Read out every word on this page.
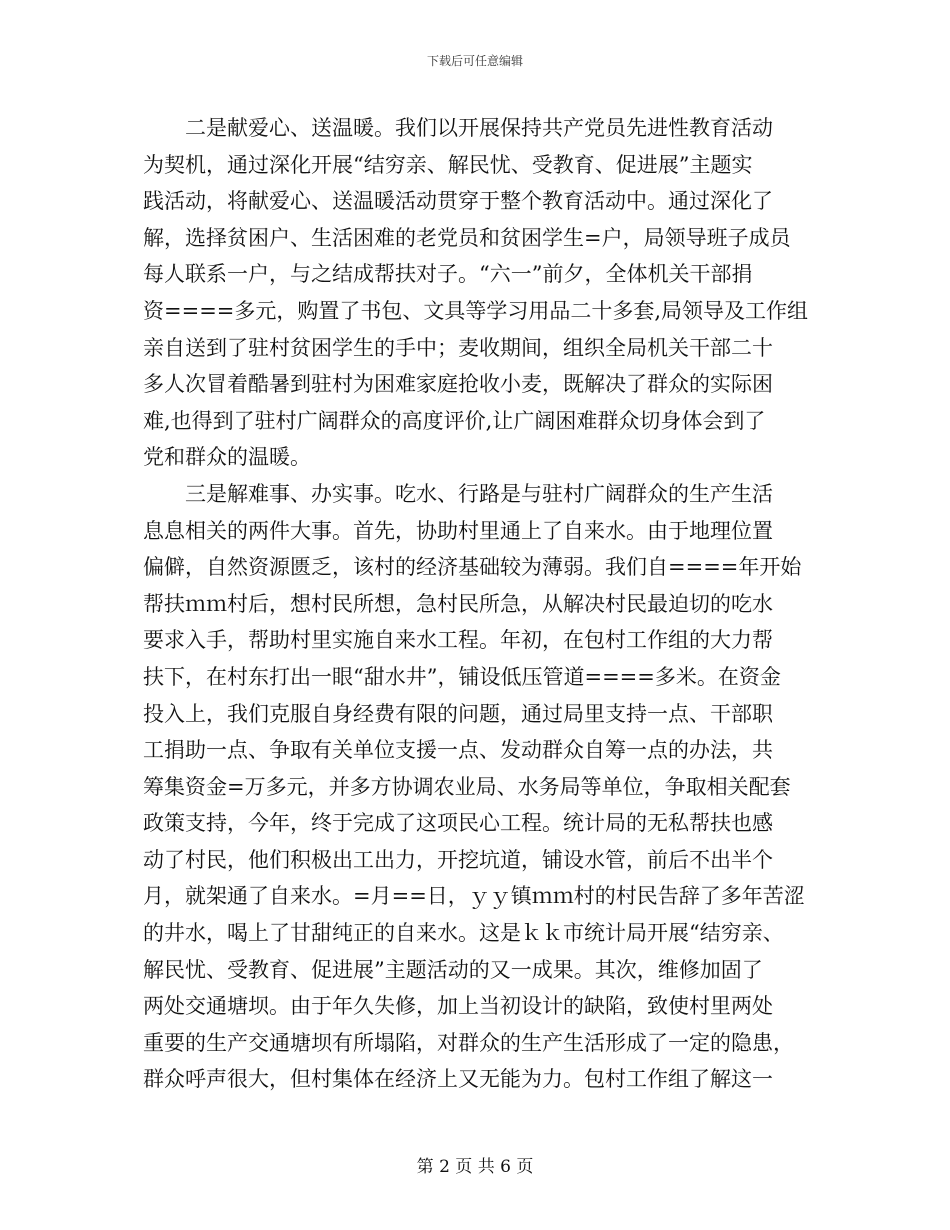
下载后可任意编辑
二是献爱心、送温暖。我们以开展保持共产党员先进性教育活动
为契机，通过深化开展“结穷亲、解民忧、受教育、促进展”主题实
践活动，将献爱心、送温暖活动贯穿于整个教育活动中。通过深化了
解，选择贫困户、生活困难的老党员和贫困学生=户，局领导班子成员
每人联系一户，与之结成帮扶对子。“六一”前夕，全体机关干部捐
资====多元，购置了书包、文具等学习用品二十多套,局领导及工作组
亲自送到了驻村贫困学生的手中；麦收期间，组织全局机关干部二十
多人次冒着酷暑到驻村为困难家庭抢收小麦，既解决了群众的实际困
难,也得到了驻村广阔群众的高度评价,让广阔困难群众切身体会到了
党和群众的温暖。
三是解难事、办实事。吃水、行路是与驻村广阔群众的生产生活
息息相关的两件大事。首先，协助村里通上了自来水。由于地理位置
偏僻，自然资源匮乏，该村的经济基础较为薄弱。我们自====年开始
帮扶ｍｍ村后，想村民所想，急村民所急，从解决村民最迫切的吃水
要求入手，帮助村里实施自来水工程。年初，在包村工作组的大力帮
扶下，在村东打出一眼“甜水井”，铺设低压管道====多米。在资金
投入上，我们克服自身经费有限的问题，通过局里支持一点、干部职
工捐助一点、争取有关单位支援一点、发动群众自筹一点的办法，共
筹集资金=万多元，并多方协调农业局、水务局等单位，争取相关配套
政策支持，今年，终于完成了这项民心工程。统计局的无私帮扶也感
动了村民，他们积极出工出力，开挖坑道，铺设水管，前后不出半个
月，就架通了自来水。=月==日，ｙｙ镇ｍｍ村的村民告辞了多年苦涩
的井水，喝上了甘甜纯正的自来水。这是ｋｋ市统计局开展“结穷亲、
解民忧、受教育、促进展”主题活动的又一成果。其次，维修加固了
两处交通塘坝。由于年久失修，加上当初设计的缺陷，致使村里两处
重要的生产交通塘坝有所塌陷，对群众的生产生活形成了一定的隐患，
群众呼声很大，但村集体在经济上又无能为力。包村工作组了解这一
第 2 页 共 6 页
